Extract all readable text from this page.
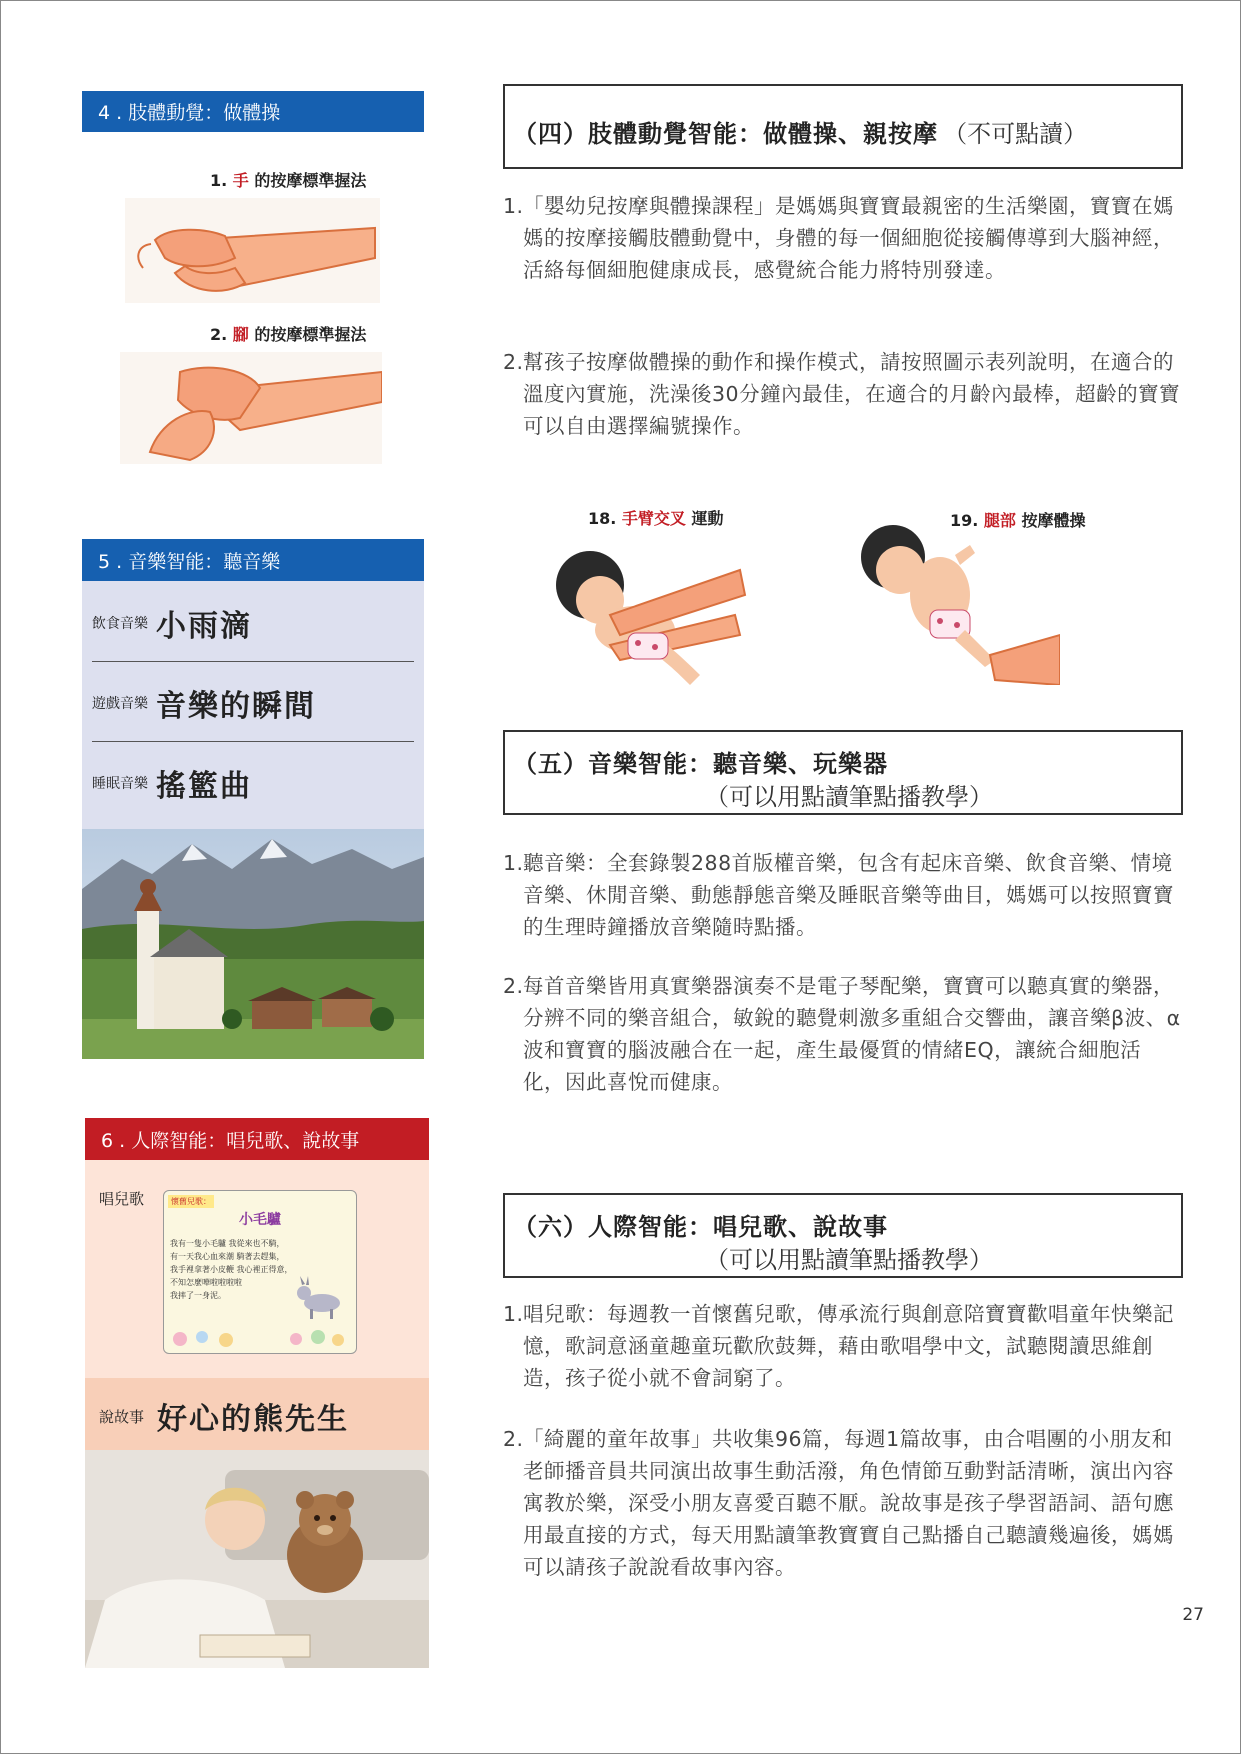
4 . 肢體動覺：做體操
1. 手 的按摩標準握法
2. 腳 的按摩標準握法
5 . 音樂智能：聽音樂
飲食音樂 小雨滴
遊戲音樂 音樂的瞬間
睡眠音樂 搖籃曲
6 . 人際智能：唱兒歌、說故事
唱兒歌	懷舊兒歌：
小毛驢
我有一隻小毛驢 我從來也不騎，
有一天我心血來潮 騎著去趕集，
我手裡拿著小皮鞭 我心裡正得意，
不知怎麼嘩啦啦啦啦
我摔了一身泥。
說故事 好心的熊先生
（四）肢體動覺智能：做體操、親按摩 （不可點讀）
1. 「嬰幼兒按摩與體操課程」是媽媽與寶寶最親密的生活樂園，寶寶在媽媽的按摩接觸肢體動覺中，身體的每一個細胞從接觸傳導到大腦神經，活絡每個細胞健康成長，感覺統合能力將特別發達。
2. 幫孩子按摩做體操的動作和操作模式，請按照圖示表列說明，在適合的溫度內實施，洗澡後30分鐘內最佳，在適合的月齡內最棒，超齡的寶寶可以自由選擇編號操作。
18. 手臂交叉 運動	19. 腿部 按摩體操
（五）音樂智能：聽音樂、玩樂器
（可以用點讀筆點播教學）
1. 聽音樂：全套錄製288首版權音樂，包含有起床音樂、飲食音樂、情境音樂、休閒音樂、動態靜態音樂及睡眠音樂等曲目，媽媽可以按照寶寶的生理時鐘播放音樂隨時點播。
2. 每首音樂皆用真實樂器演奏不是電子琴配樂，寶寶可以聽真實的樂器，分辨不同的樂音組合，敏銳的聽覺刺激多重組合交響曲，讓音樂β波、α波和寶寶的腦波融合在一起，產生最優質的情緒EQ，讓統合細胞活化，因此喜悅而健康。
（六）人際智能：唱兒歌、說故事
（可以用點讀筆點播教學）
1. 唱兒歌：每週教一首懷舊兒歌，傳承流行與創意陪寶寶歡唱童年快樂記憶，歌詞意涵童趣童玩歡欣鼓舞，藉由歌唱學中文，試聽閱讀思維創造，孩子從小就不會詞窮了。
2. 「綺麗的童年故事」共收集96篇，每週1篇故事，由合唱團的小朋友和老師播音員共同演出故事生動活潑，角色情節互動對話清晰，演出內容寓教於樂，深受小朋友喜愛百聽不厭。說故事是孩子學習語詞、語句應用最直接的方式，每天用點讀筆教寶寶自己點播自己聽讀幾遍後，媽媽可以請孩子說說看故事內容。
27
